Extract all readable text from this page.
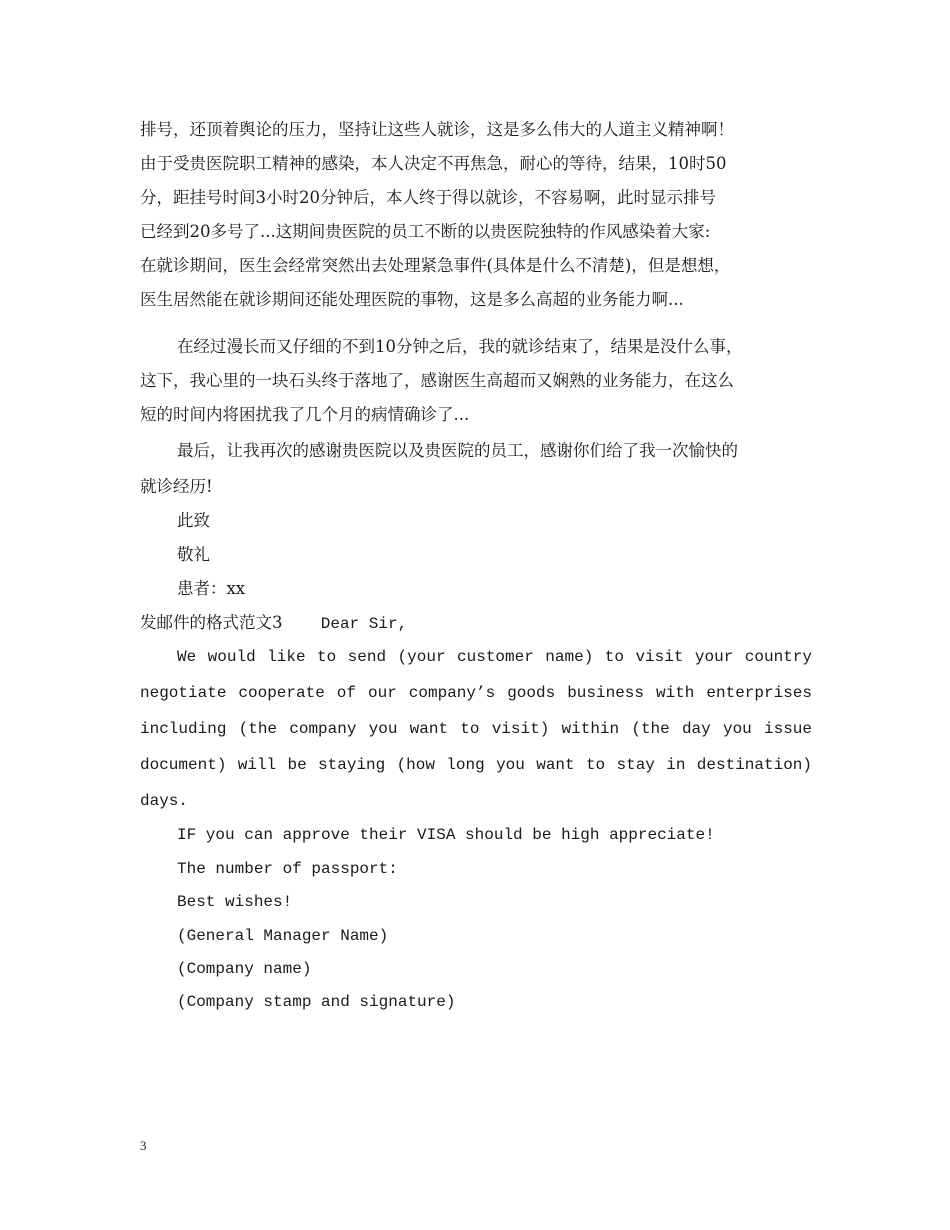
排号，还顶着舆论的压力，坚持让这些人就诊，这是多么伟大的人道主义精神啊！
由于受贵医院职工精神的感染，本人决定不再焦急，耐心的等待，结果，10时50
分，距挂号时间3小时20分钟后，本人终于得以就诊，不容易啊，此时显示排号
已经到20多号了...这期间贵医院的员工不断的以贵医院独特的作风感染着大家:
在就诊期间，医生会经常突然出去处理紧急事件(具体是什么不清楚)，但是想想，
医生居然能在就诊期间还能处理医院的事物，这是多么高超的业务能力啊...
在经过漫长而又仔细的不到10分钟之后，我的就诊结束了，结果是没什么事，
这下，我心里的一块石头终于落地了，感谢医生高超而又娴熟的业务能力，在这么
短的时间内将困扰我了几个月的病情确诊了...
最后，让我再次的感谢贵医院以及贵医院的员工，感谢你们给了我一次愉快的
就诊经历!
此致
敬礼
患者：xx
发邮件的格式范文3 Dear Sir,
We would like to send (your customer name) to visit your country
negotiate cooperate of our company’s goods business with enterprises
including (the company you want to visit) within (the day you issue
document) will be staying (how long you want to stay in destination)
days.
IF you can approve their VISA should be high appreciate!
The number of passport:
Best wishes!
(General Manager Name)
(Company name)
(Company stamp and signature)
3
